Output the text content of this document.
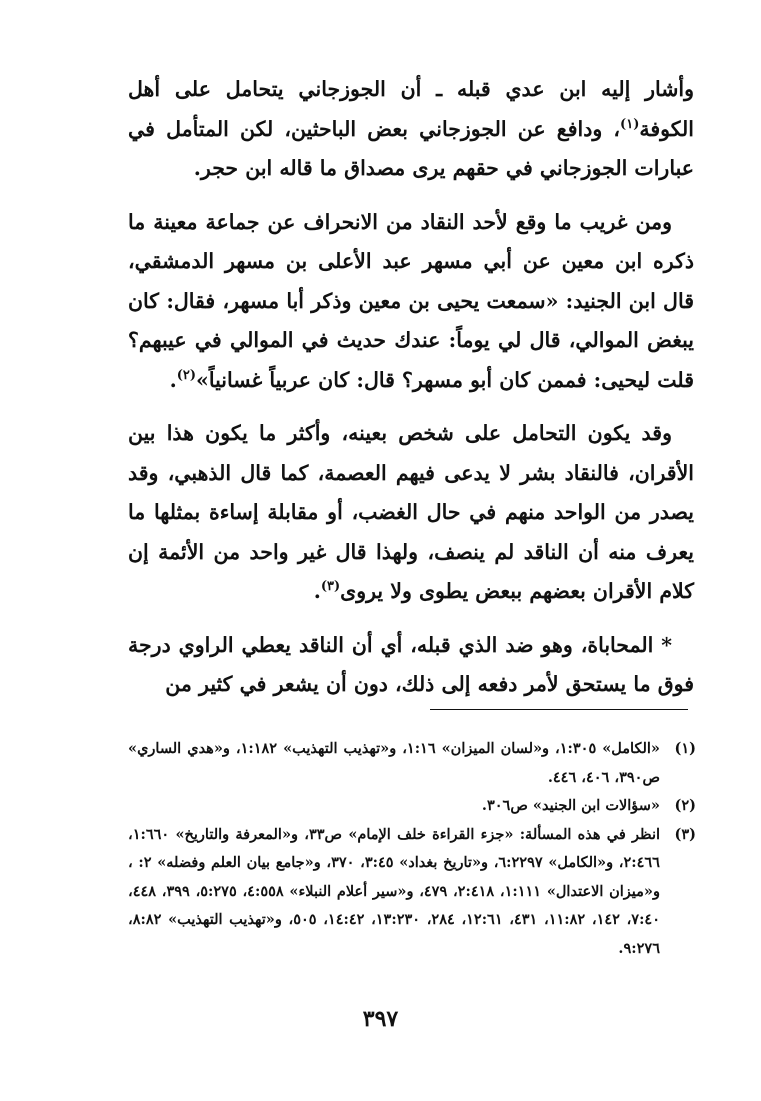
وأشار إليه ابن عدي قبله ـ أن الجوزجاني يتحامل على أهل الكوفة$^{(١)}$، ودافع عن الجوزجاني بعض الباحثين، لكن المتأمل في عبارات الجوزجاني في حقهم يرى مصداق ما قاله ابن حجر.

ومن غريب ما وقع لأحد النقاد من الانحراف عن جماعة معينة ما ذكره ابن معين عن أبي مسهر عبد الأعلى بن مسهر الدمشقي، قال ابن الجنيد: «سمعت يحيى بن معين وذكر أبا مسهر، فقال: كان يبغض الموالي، قال لي يوماً: عندك حديث في الموالي في عيبهم؟ قلت ليحيى: فممن كان أبو مسهر؟ قال: كان عربياً غسانياً»$^{(٢)}$.

وقد يكون التحامل على شخص بعينه، وأكثر ما يكون هذا بين الأقران، فالنقاد بشر لا يدعى فيهم العصمة، كما قال الذهبي، وقد يصدر من الواحد منهم في حال الغضب، أو مقابلة إساءة بمثلها ما يعرف منه أن الناقد لم ينصف، ولهذا قال غير واحد من الأئمة إن كلام الأقران بعضهم ببعض يطوى ولا يروى$^{(٣)}$.

* المحاباة، وهو ضد الذي قبله، أي أن الناقد يعطي الراوي درجة فوق ما يستحق لأمر دفعه إلى ذلك، دون أن يشعر في كثير من

(١)
«الكامل» ١:٣٠٥، و«لسان الميزان» ١:١٦، و«تهذيب التهذيب» ١:١٨٢، و«هدي الساري» ص٣٩٠، ٤٠٦، ٤٤٦.
(٢)
«سؤالات ابن الجنيد» ص٣٠٦.
(٣)
انظر في هذه المسألة: «جزء القراءة خلف الإمام» ص٣٣، و«المعرفة والتاريخ» ١:٦٦٠، ٢:٤٦٦، و«الكامل» ٦:٢٢٩٧، و«تاريخ بغداد» ٣:٤٥، ٣٧٠، و«جامع بيان العلم وفضله» ٢: ، و«ميزان الاعتدال» ١:١١١، ٢:٤١٨، ٤٧٩، و«سير أعلام النبلاء» ٤:٥٥٨، ٥:٢٧٥، ٣٩٩، ٤٤٨، ٧:٤٠، ١٤٢، ١١:٨٢، ٤٣١، ١٢:٦١، ٢٨٤، ١٣:٢٣٠، ١٤:٤٢، ٥٠٥، و«تهذيب التهذيب» ٨:٨٢، ٩:٢٧٦.
٣٩٧
